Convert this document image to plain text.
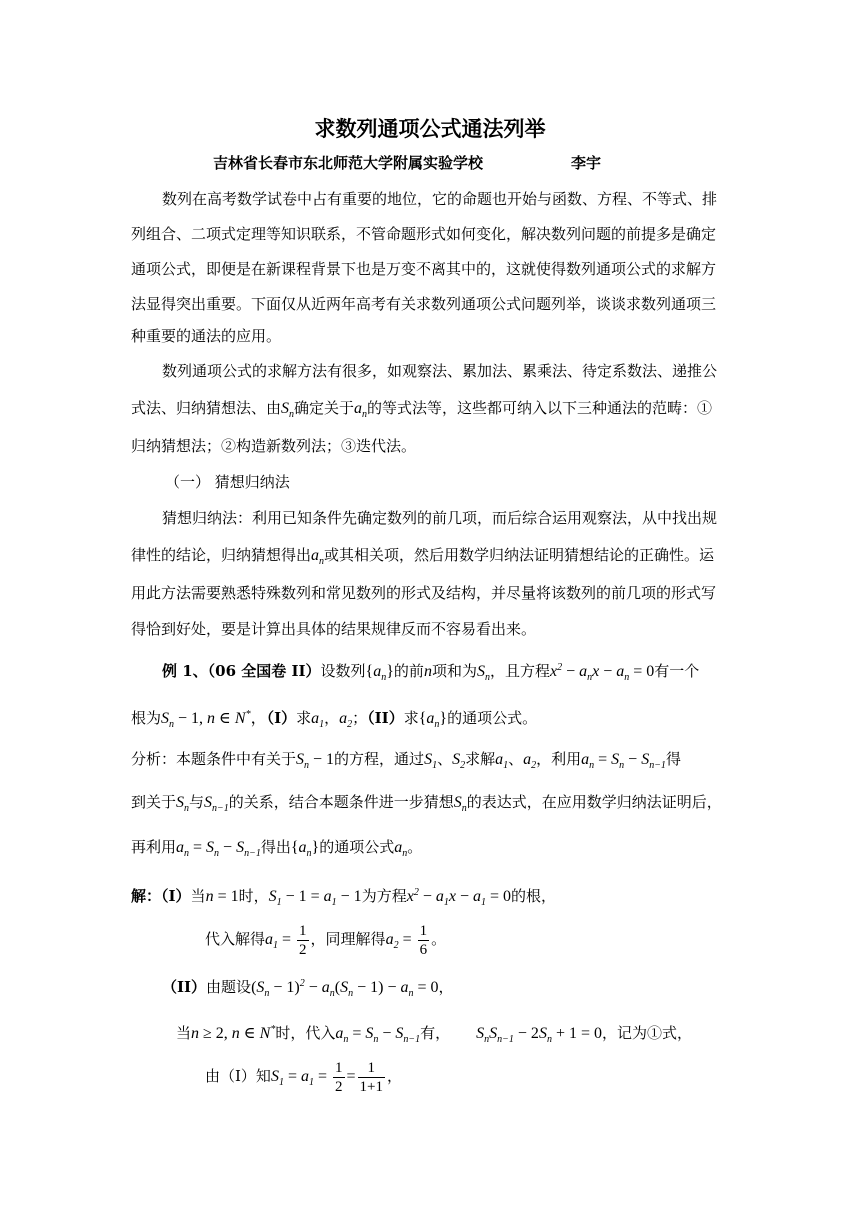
求数列通项公式通法列举
吉林省长春市东北师范大学附属实验学校	李宇
数列在高考数学试卷中占有重要的地位，它的命题也开始与函数、方程、不等式、排
列组合、二项式定理等知识联系，不管命题形式如何变化，解决数列问题的前提多是确定
通项公式，即便是在新课程背景下也是万变不离其中的，这就使得数列通项公式的求解方
法显得突出重要。下面仅从近两年高考有关求数列通项公式问题列举，谈谈求数列通项三
种重要的通法的应用。
数列通项公式的求解方法有很多，如观察法、累加法、累乘法、待定系数法、递推公
式法、归纳猜想法、由$S_n$确定关于$a_n$的等式法等，这些都可纳入以下三种通法的范畴：①
归纳猜想法；②构造新数列法；③迭代法。
（一） 猜想归纳法
猜想归纳法：利用已知条件先确定数列的前几项，而后综合运用观察法，从中找出规
律性的结论，归纳猜想得出$a_n$或其相关项，然后用数学归纳法证明猜想结论的正确性。运
用此方法需要熟悉特殊数列和常见数列的形式及结构，并尽量将该数列的前几项的形式写
得恰到好处，要是计算出具体的结果规律反而不容易看出来。
例 1、（06 全国卷 II）设数列$\{a_n\}$的前n项和为$S_n$，且方程$x^2 - a_nx - a_n = 0$有一个
根为$S_n - 1$, n ∈ N*，（I）求$a_1$，$a_2$；（II）求$\{a_n\}$的通项公式。
分析：本题条件中有关于$S_n - 1$的方程，通过$S_1$、$S_2$求解$a_1$、$a_2$，利用$a_n = S_n - S_{n-1}$得
到关于$S_n$与$S_{n-1}$的关系，结合本题条件进一步猜想$S_n$的表达式，在应用数学归纳法证明后，
再利用$a_n = S_n - S_{n-1}$得出$\{a_n\}$的通项公式$a_n$。
解：（I）当n = 1时，$S_1 - 1 = a_1 - 1$为方程$x^2 - a_1x - a_1 = 0$的根，
代入解得$a_1 = \frac{1}{2}$ ，同理解得$a_2 = \frac{1}{6}$ 。
（II）由题设$(S_n - 1)^2 - a_n(S_n - 1) - a_n = 0$，
当n ≥ 2, n ∈ N*时，代入$a_n = S_n - S_{n-1}$有， $S_nS_{n-1} - 2S_n + 1 = 0$，记为①式，
由（I）知$S_1 = a_1 = \frac{1}{2} = \frac{1}{1+1}$ ，
